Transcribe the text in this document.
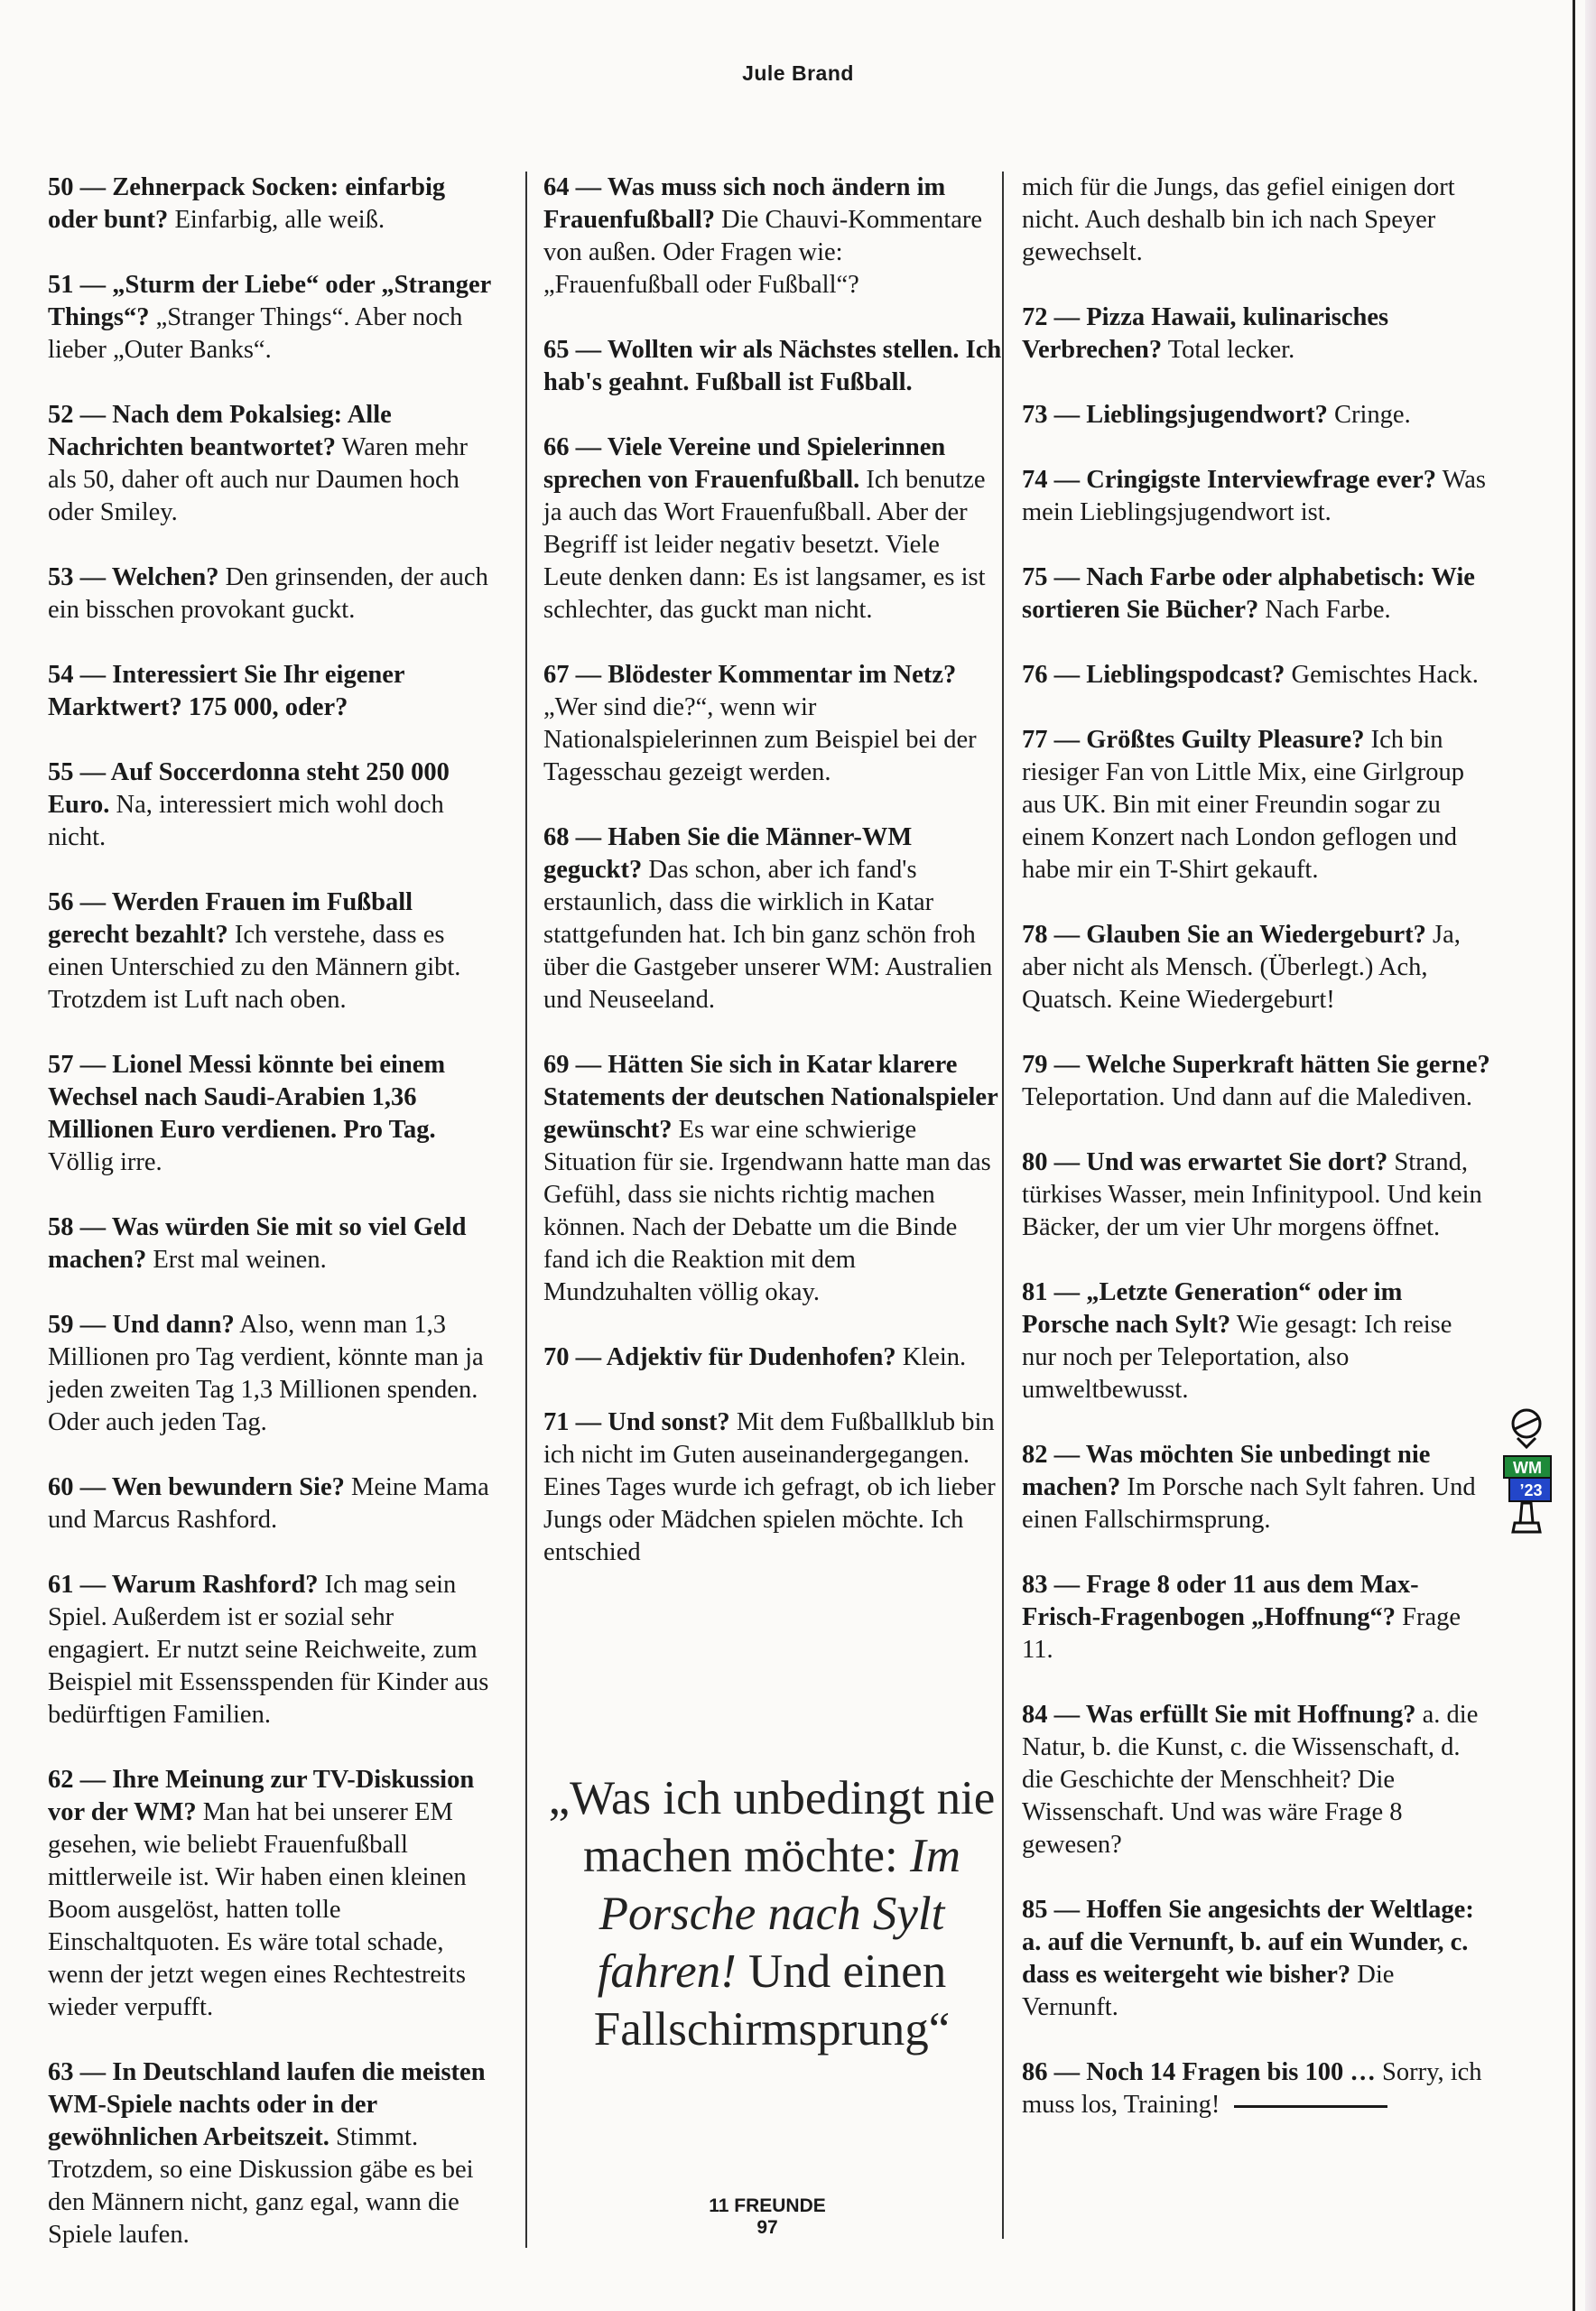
Jule Brand

50 — Zehnerpack Socken: einfarbig oder bunt? Einfarbig, alle weiß.

51 — „Sturm der Liebe“ oder „Stranger Things“? „Stranger Things“. Aber noch lieber „Outer Banks“.

52 — Nach dem Pokalsieg: Alle Nachrichten beantwortet? Waren mehr als 50, daher oft auch nur Daumen hoch oder Smiley.

53 — Welchen? Den grinsenden, der auch ein bisschen provokant guckt.

54 — Interessiert Sie Ihr eigener Marktwert? 175 000, oder?

55 — Auf Soccerdonna steht 250 000 Euro. Na, interessiert mich wohl doch nicht.

56 — Werden Frauen im Fußball gerecht bezahlt? Ich verstehe, dass es einen Unterschied zu den Männern gibt. Trotzdem ist Luft nach oben.

57 — Lionel Messi könnte bei einem Wechsel nach Saudi-Arabien 1,36 Millionen Euro verdienen. Pro Tag. Völlig irre.

58 — Was würden Sie mit so viel Geld machen? Erst mal weinen.

59 — Und dann? Also, wenn man 1,3 Millionen pro Tag verdient, könnte man ja jeden zweiten Tag 1,3 Millionen spenden. Oder auch jeden Tag.

60 — Wen bewundern Sie? Meine Mama und Marcus Rashford.

61 — Warum Rashford? Ich mag sein Spiel. Außerdem ist er sozial sehr engagiert. Er nutzt seine Reichweite, zum Beispiel mit Essensspenden für Kinder aus bedürftigen Familien.

62 — Ihre Meinung zur TV-Diskussion vor der WM? Man hat bei unserer EM gesehen, wie beliebt Frauenfußball mittlerweile ist. Wir haben einen kleinen Boom ausgelöst, hatten tolle Einschaltquoten. Es wäre total schade, wenn der jetzt wegen eines Rechtestreits wieder verpufft.

63 — In Deutschland laufen die meisten WM-Spiele nachts oder in der gewöhnlichen Arbeitszeit. Stimmt. Trotzdem, so eine Diskussion gäbe es bei den Männern nicht, ganz egal, wann die Spiele laufen.

64 — Was muss sich noch ändern im Frauenfußball? Die Chauvi-Kommentare von außen. Oder Fragen wie: „Frauenfußball oder Fußball“?

65 — Wollten wir als Nächstes stellen. Ich hab's geahnt. Fußball ist Fußball.

66 — Viele Vereine und Spielerinnen sprechen von Frauenfußball. Ich benutze ja auch das Wort Frauenfußball. Aber der Begriff ist leider negativ besetzt. Viele Leute denken dann: Es ist langsamer, es ist schlechter, das guckt man nicht.

67 — Blödester Kommentar im Netz? „Wer sind die?“, wenn wir Nationalspielerinnen zum Beispiel bei der Tagesschau gezeigt werden.

68 — Haben Sie die Männer-WM geguckt? Das schon, aber ich fand's erstaunlich, dass die wirklich in Katar stattgefunden hat. Ich bin ganz schön froh über die Gastgeber unserer WM: Australien und Neuseeland.

69 — Hätten Sie sich in Katar klarere Statements der deutschen Nationalspieler gewünscht? Es war eine schwierige Situation für sie. Irgendwann hatte man das Gefühl, dass sie nichts richtig machen können. Nach der Debatte um die Binde fand ich die Reaktion mit dem Mundzuhalten völlig okay.

70 — Adjektiv für Dudenhofen? Klein.

71 — Und sonst? Mit dem Fußballklub bin ich nicht im Guten auseinandergegangen. Eines Tages wurde ich gefragt, ob ich lieber Jungs oder Mädchen spielen möchte. Ich entschied

mich für die Jungs, das gefiel einigen dort nicht. Auch deshalb bin ich nach Speyer gewechselt.

72 — Pizza Hawaii, kulinarisches Verbrechen? Total lecker.

73 — Lieblingsjugendwort? Cringe.

74 — Cringigste Interviewfrage ever? Was mein Lieblingsjugendwort ist.

75 — Nach Farbe oder alphabetisch: Wie sortieren Sie Bücher? Nach Farbe.

76 — Lieblingspodcast? Gemischtes Hack.

77 — Größtes Guilty Pleasure? Ich bin riesiger Fan von Little Mix, eine Girlgroup aus UK. Bin mit einer Freundin sogar zu einem Konzert nach London geflogen und habe mir ein T-Shirt gekauft.

78 — Glauben Sie an Wiedergeburt? Ja, aber nicht als Mensch. (Überlegt.) Ach, Quatsch. Keine Wiedergeburt!

79 — Welche Superkraft hätten Sie gerne? Teleportation. Und dann auf die Malediven.

80 — Und was erwartet Sie dort? Strand, türkises Wasser, mein Infinitypool. Und kein Bäcker, der um vier Uhr morgens öffnet.

81 — „Letzte Generation“ oder im Porsche nach Sylt? Wie gesagt: Ich reise nur noch per Teleportation, also umweltbewusst.

82 — Was möchten Sie unbedingt nie machen? Im Porsche nach Sylt fahren. Und einen Fallschirmsprung.

83 — Frage 8 oder 11 aus dem Max-Frisch-Fragenbogen „Hoffnung“? Frage 11.

84 — Was erfüllt Sie mit Hoffnung? a. die Natur, b. die Kunst, c. die Wissenschaft, d. die Geschichte der Menschheit? Die Wissenschaft. Und was wäre Frage 8 gewesen?

85 — Hoffen Sie angesichts der Weltlage: a. auf die Vernunft, b. auf ein Wunder, c. dass es weitergeht wie bisher? Die Vernunft.

86 — Noch 14 Fragen bis 100 … Sorry, ich muss los, Training!

„Was ich unbedingt nie machen möchte: Im Porsche nach Sylt fahren! Und einen Fallschirmsprung“
WM
’23
11 FREUNDE
97
